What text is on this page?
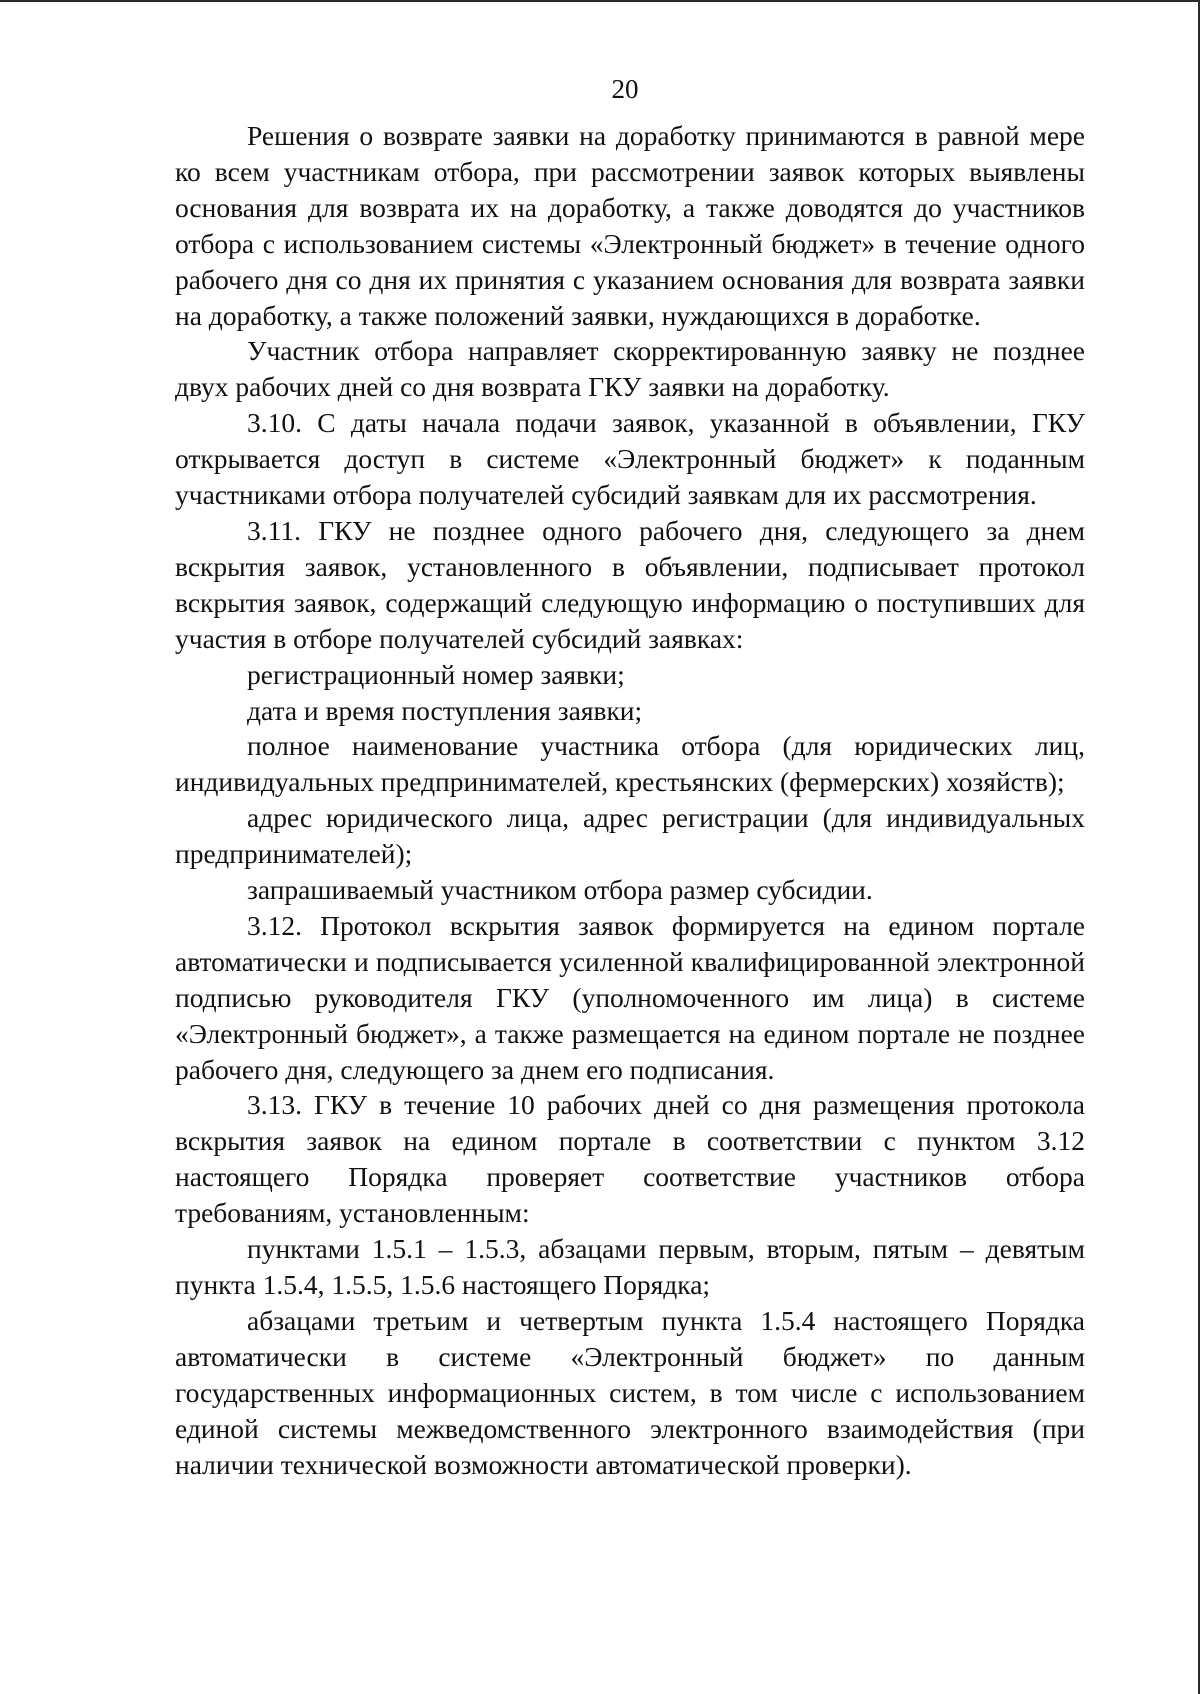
20

Решения о возврате заявки на доработку принимаются в равной мере ко всем участникам отбора, при рассмотрении заявок которых выявлены основания для возврата их на доработку, а также доводятся до участников отбора с использованием системы «Электронный бюджет» в течение одного рабочего дня со дня их принятия с указанием основания для возврата заявки на доработку, а также положений заявки, нуждающихся в доработке.

Участник отбора направляет скорректированную заявку не позднее двух рабочих дней со дня возврата ГКУ заявки на доработку.

3.10. С даты начала подачи заявок, указанной в объявлении, ГКУ открывается доступ в системе «Электронный бюджет» к поданным участниками отбора получателей субсидий заявкам для их рассмотрения.

3.11. ГКУ не позднее одного рабочего дня, следующего за днем вскрытия заявок, установленного в объявлении, подписывает протокол вскрытия заявок, содержащий следующую информацию о поступивших для участия в отборе получателей субсидий заявках:

регистрационный номер заявки;

дата и время поступления заявки;

полное наименование участника отбора (для юридических лиц, индивидуальных предпринимателей, крестьянских (фермерских) хозяйств);

адрес юридического лица, адрес регистрации (для индивидуальных предпринимателей);

запрашиваемый участником отбора размер субсидии.

3.12. Протокол вскрытия заявок формируется на едином портале автоматически и подписывается усиленной квалифицированной электронной подписью руководителя ГКУ (уполномоченного им лица) в системе «Электронный бюджет», а также размещается на едином портале не позднее рабочего дня, следующего за днем его подписания.

3.13. ГКУ в течение 10 рабочих дней со дня размещения протокола вскрытия заявок на едином портале в соответствии с пунктом 3.12 настоящего Порядка проверяет соответствие участников отбора требованиям, установленным:

пунктами 1.5.1 – 1.5.3, абзацами первым, вторым, пятым – девятым пункта 1.5.4, 1.5.5, 1.5.6 настоящего Порядка;

абзацами третьим и четвертым пункта 1.5.4 настоящего Порядка автоматически в системе «Электронный бюджет» по данным государственных информационных систем, в том числе с использованием единой системы межведомственного электронного взаимодействия (при наличии технической возможности автоматической проверки).
